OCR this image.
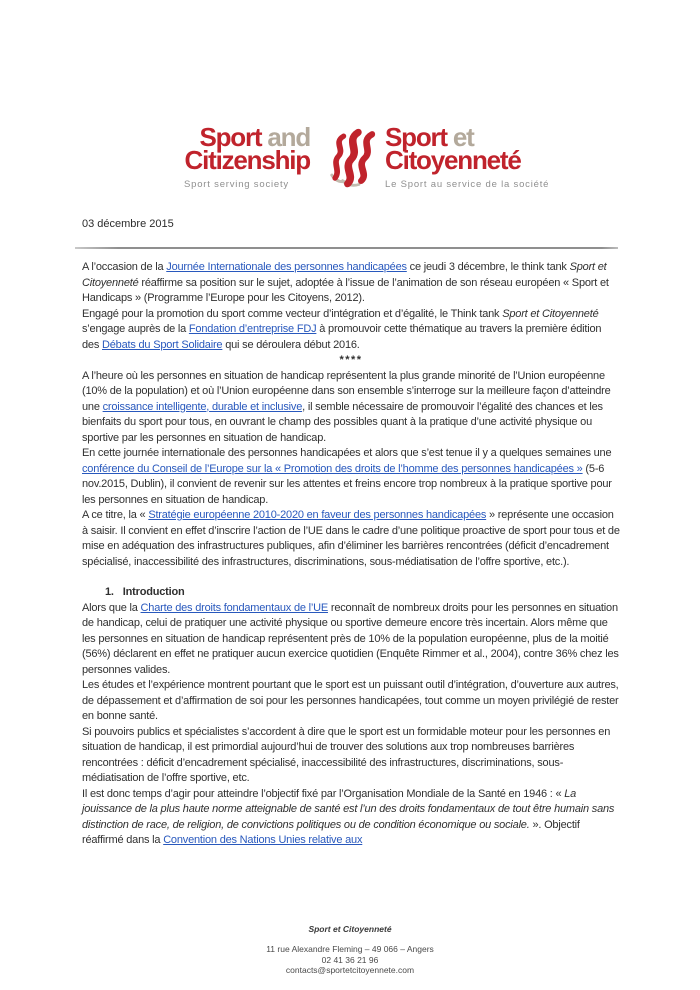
Sport and
Citizenship
Sport serving society
Sport et
Citoyenneté
Le Sport au service de la société
03 décembre 2015

A l’occasion de la Journée Internationale des personnes handicapées ce jeudi 3 décembre, le think tank Sport et Citoyenneté réaffirme sa position sur le sujet, adoptée à l’issue de l’animation de son réseau européen « Sport et Handicaps » (Programme l’Europe pour les Citoyens, 2012).

Engagé pour la promotion du sport comme vecteur d’intégration et d’égalité, le Think tank Sport et Citoyenneté s’engage auprès de la Fondation d’entreprise FDJ à promouvoir cette thématique au travers la première édition des Débats du Sport Solidaire qui se déroulera début 2016.

****

A l’heure où les personnes en situation de handicap représentent la plus grande minorité de l’Union européenne (10% de la population) et où l’Union européenne dans son ensemble s’interroge sur la meilleure façon d’atteindre une croissance intelligente, durable et inclusive, il semble nécessaire de promouvoir l’égalité des chances et les bienfaits du sport pour tous, en ouvrant le champ des possibles quant à la pratique d’une activité physique ou sportive par les personnes en situation de handicap.

En cette journée internationale des personnes handicapées et alors que s’est tenue il y a quelques semaines une conférence du Conseil de l’Europe sur la « Promotion des droits de l’homme des personnes handicapées » (5-6 nov.2015, Dublin), il convient de revenir sur les attentes et freins encore trop nombreux à la pratique sportive pour les personnes en situation de handicap.

A ce titre, la « Stratégie européenne 2010-2020 en faveur des personnes handicapées » représente une occasion à saisir. Il convient en effet d’inscrire l’action de l’UE dans le cadre d’une politique proactive de sport pour tous et de mise en adéquation des infrastructures publiques, afin d’éliminer les barrières rencontrées (déficit d’encadrement spécialisé, inaccessibilité des infrastructures, discriminations, sous-médiatisation de l’offre sportive, etc.).

1. Introduction

Alors que la Charte des droits fondamentaux de l’UE reconnaît de nombreux droits pour les personnes en situation de handicap, celui de pratiquer une activité physique ou sportive demeure encore très incertain. Alors même que les personnes en situation de handicap représentent près de 10% de la population européenne, plus de la moitié (56%) déclarent en effet ne pratiquer aucun exercice quotidien (Enquête Rimmer et al., 2004), contre 36% chez les personnes valides.

Les études et l’expérience montrent pourtant que le sport est un puissant outil d’intégration, d’ouverture aux autres, de dépassement et d’affirmation de soi pour les personnes handicapées, tout comme un moyen privilégié de rester en bonne santé.

Si pouvoirs publics et spécialistes s’accordent à dire que le sport est un formidable moteur pour les personnes en situation de handicap, il est primordial aujourd’hui de trouver des solutions aux trop nombreuses barrières rencontrées : déficit d’encadrement spécialisé, inaccessibilité des infrastructures, discriminations, sous-médiatisation de l’offre sportive, etc.

Il est donc temps d’agir pour atteindre l’objectif fixé par l’Organisation Mondiale de la Santé en 1946 : « La jouissance de la plus haute norme atteignable de santé est l’un des droits fondamentaux de tout être humain sans distinction de race, de religion, de convictions politiques ou de condition économique ou sociale. ». Objectif réaffirmé dans la Convention des Nations Unies relative aux

Sport et Citoyenneté
11 rue Alexandre Fleming – 49 066 – Angers
02 41 36 21 96
contacts@sportetcitoyennete.com
